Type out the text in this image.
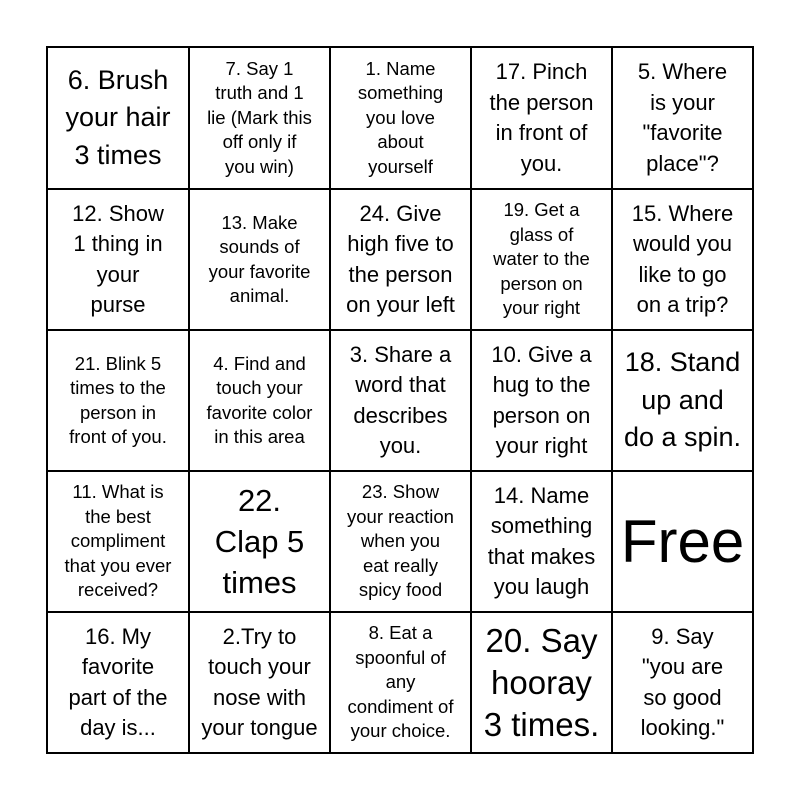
6. Brush
your hair
3 times
7. Say 1
truth and 1
lie (Mark this
off only if
you win)
1. Name
something
you love
about
yourself
17. Pinch
the person
in front of
you.
5. Where
is your
"favorite
place"?
12. Show
1 thing in
your
purse
13. Make
sounds of
your favorite
animal.
24. Give
high five to
the person
on your left
19. Get a
glass of
water to the
person on
your right
15. Where
would you
like to go
on a trip?
21. Blink 5
times to the
person in
front of you.
4. Find and
touch your
favorite color
in this area
3. Share a
word that
describes
you.
10. Give a
hug to the
person on
your right
18. Stand
up and
do a spin.
11. What is
the best
compliment
that you ever
received?
22.
Clap 5
times
23. Show
your reaction
when you
eat really
spicy food
14. Name
something
that makes
you laugh
Free
16. My
favorite
part of the
day is...
2.Try to
touch your
nose with
your tongue
8. Eat a
spoonful of
any
condiment of
your choice.
20. Say
hooray
3 times.
9. Say
"you are
so good
looking."
